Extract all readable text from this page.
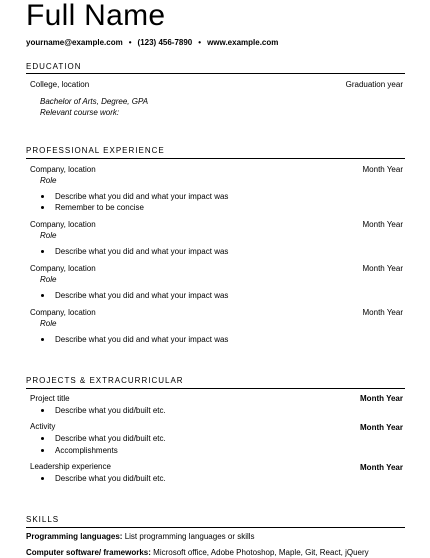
Full Name
yourname@example.com • (123) 456-7890 • www.example.com
EDUCATION
College, location	Graduation year
Bachelor of Arts, Degree, GPA
Relevant course work:
PROFESSIONAL EXPERIENCE
Company, location	Month Year
Role
Describe what you did and what your impact was
Remember to be concise
Company, location	Month Year
Role
Describe what you did and what your impact was
Company, location	Month Year
Role
Describe what you did and what your impact was
Company, location	Month Year
Role
Describe what you did and what your impact was
PROJECTS & EXTRACURRICULAR
Project title	Month Year
Describe what you did/built etc.
Activity	Month Year
Describe what you did/built etc.
Accomplishments
Leadership experience	Month Year
Describe what you did/built etc.
SKILLS
Programming languages: List programming languages or skills
Computer software/ frameworks: Microsoft office, Adobe Photoshop, Maple, Git, React, jQuery
